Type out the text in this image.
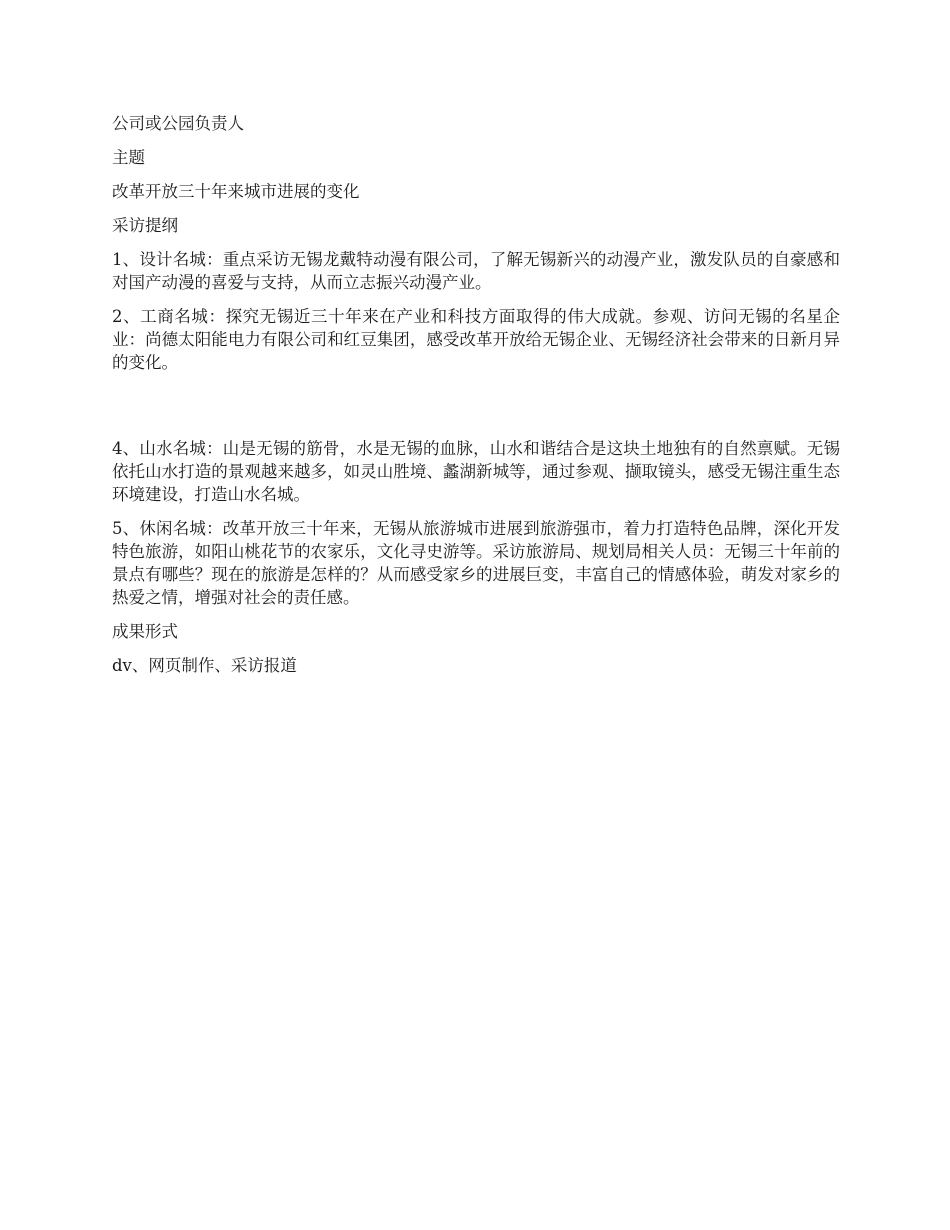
公司或公园负责人

主题

改革开放三十年来城市进展的变化

采访提纲

1、设计名城：重点采访无锡龙戴特动漫有限公司，了解无锡新兴的动漫产业，激发队员的自豪感和对国产动漫的喜爱与支持，从而立志振兴动漫产业。

2、工商名城：探究无锡近三十年来在产业和科技方面取得的伟大成就。参观、访问无锡的名星企业：尚德太阳能电力有限公司和红豆集团，感受改革开放给无锡企业、无锡经济社会带来的日新月异的变化。

4、山水名城：山是无锡的筋骨，水是无锡的血脉，山水和谐结合是这块土地独有的自然禀赋。无锡依托山水打造的景观越来越多，如灵山胜境、蠡湖新城等，通过参观、撷取镜头，感受无锡注重生态环境建设，打造山水名城。

5、休闲名城：改革开放三十年来，无锡从旅游城市进展到旅游强市，着力打造特色品牌，深化开发特色旅游，如阳山桃花节的农家乐，文化寻史游等。采访旅游局、规划局相关人员：无锡三十年前的景点有哪些？现在的旅游是怎样的？从而感受家乡的进展巨变，丰富自己的情感体验，萌发对家乡的热爱之情，增强对社会的责任感。

成果形式

dv、网页制作、采访报道
